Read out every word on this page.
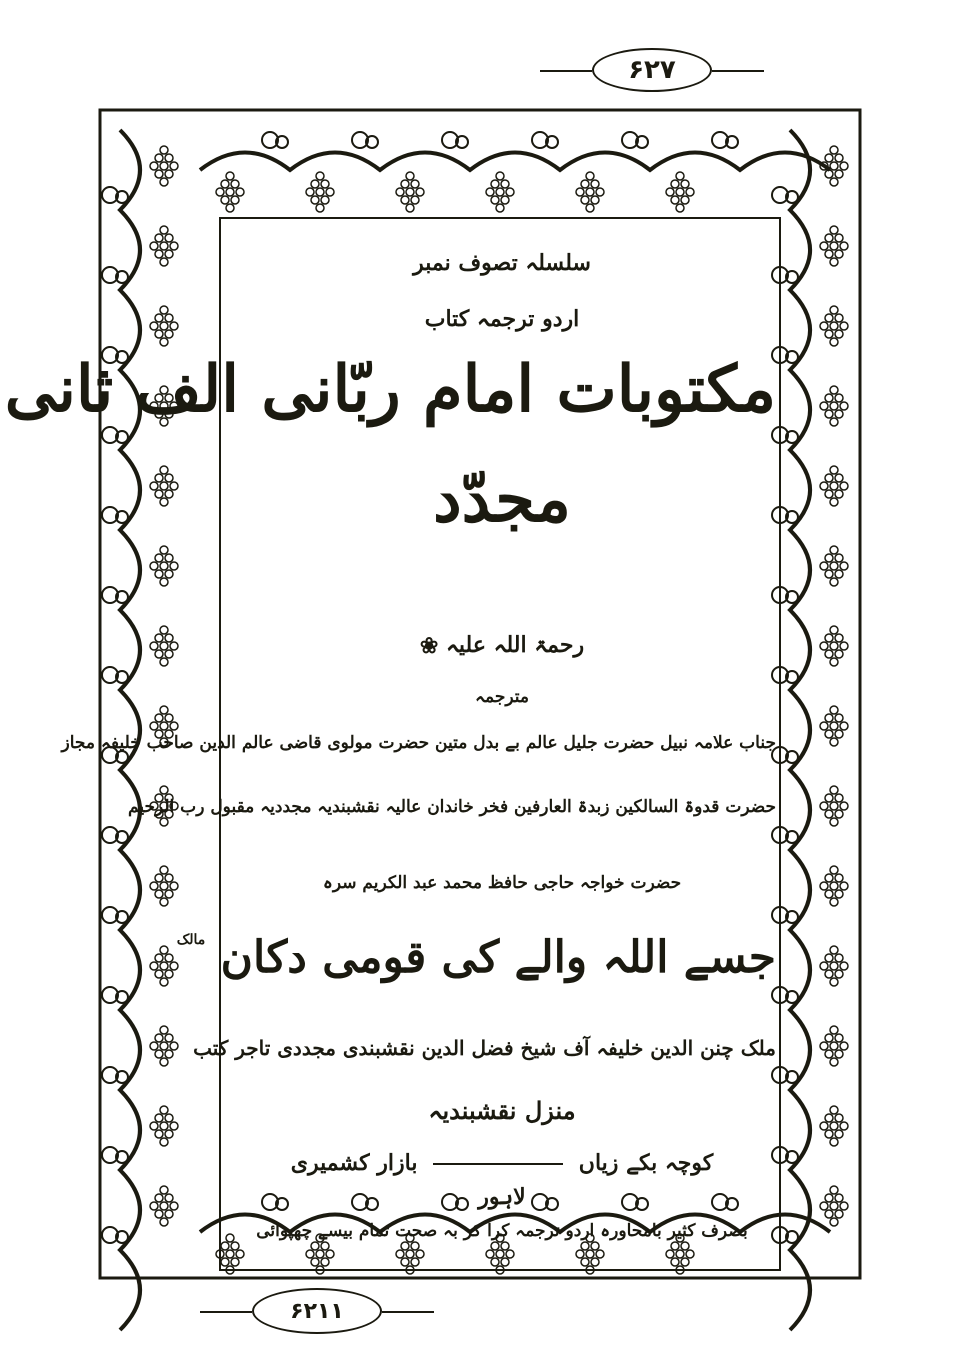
۶۲۷
سلسلہ تصوف نمبر
اردو ترجمہ کتاب
مکتوبات امام ربّانی الف ثانی
مجدّد
رحمۃ اللہ علیہ ❀
مترجمہ
جناب علامہ نبیل حضرت جلیل عالم بے بدل متین حضرت مولوی قاضی عالم الدین صاحب خلیفہ مجاز
حضرت قدوۃ السالکین زبدۃ العارفین فخر خاندان عالیہ نقشبندیہ مجددیہ مقبول رب الرحیم
حضرت خواجہ حاجی حافظ محمد عبد الکریم سرہ
جسے اللہ والے کی قومی دکان $^{مالک}$
ملک چنن الدین خلیفہ آف شیخ فضل الدین نقشبندی مجددی تاجر کتب
منزل نقشبندیہ
کوچہ بکے زیاں  بازار کشمیری
لاہور
بصرف کثیر بامحاورہ اردو ترجمہ کرا کر بہ صحت تمام بیسے چھپوائی
۶۲۱۱
